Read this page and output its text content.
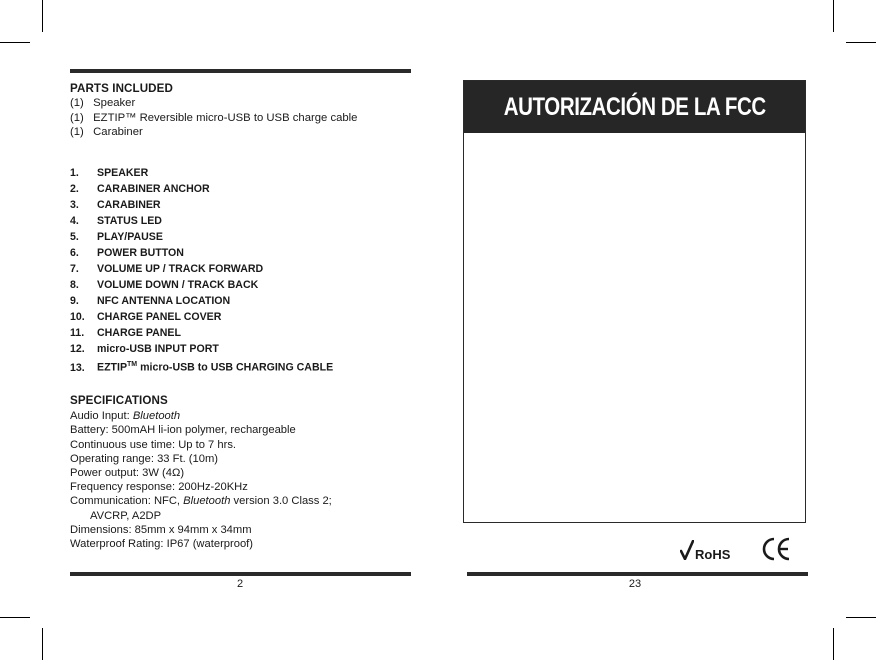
PARTS INCLUDED
(1) Speaker
(1) EZTIP™ Reversible micro-USB to USB charge cable
(1) Carabiner
1. SPEAKER
2. CARABINER ANCHOR
3. CARABINER
4. STATUS LED
5. PLAY/PAUSE
6. POWER BUTTON
7. VOLUME UP / TRACK FORWARD
8. VOLUME DOWN / TRACK BACK
9. NFC ANTENNA LOCATION
10. CHARGE PANEL COVER
11. CHARGE PANEL
12. micro-USB INPUT PORT
13. EZTIP™ micro-USB to USB CHARGING CABLE
SPECIFICATIONS
Audio Input: Bluetooth
Battery: 500mAH li-ion polymer, rechargeable
Continuous use time: Up to 7 hrs.
Operating range: 33 Ft. (10m)
Power output: 3W (4Ω)
Frequency response: 200Hz-20KHz
Communication: NFC, Bluetooth version 3.0 Class 2;
AVCRP, A2DP
Dimensions: 85mm x 94mm x 34mm
Waterproof Rating: IP67 (waterproof)
2	23
AUTORIZACIÓN DE LA FCC
RoHS
